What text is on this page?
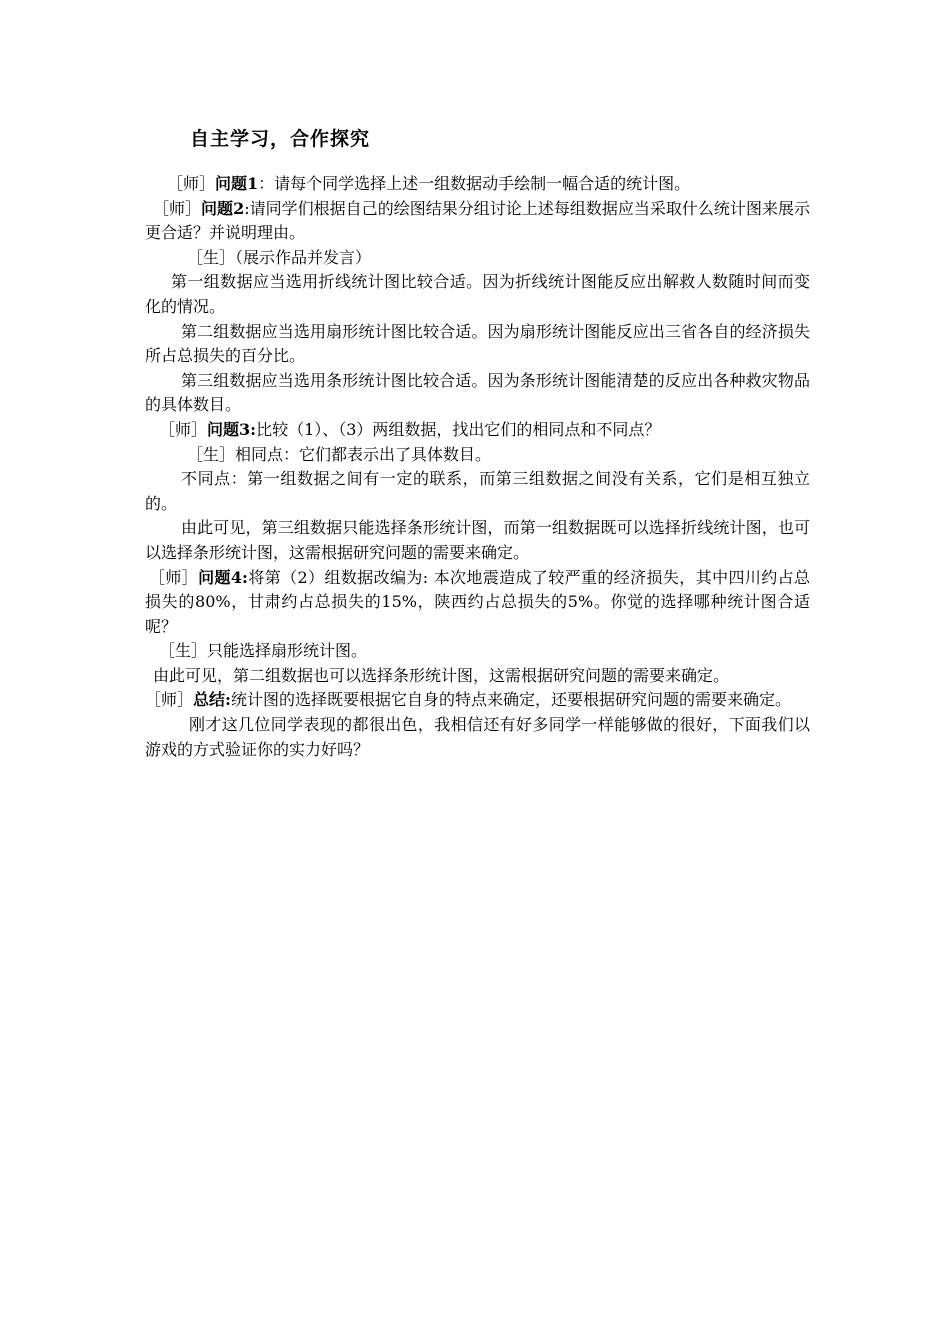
自主学习，合作探究

［师］问题1：请每个同学选择上述一组数据动手绘制一幅合适的统计图。

［师］问题2:请同学们根据自己的绘图结果分组讨论上述每组数据应当采取什么统计图来展示更合适？并说明理由。

［生］（展示作品并发言）

第一组数据应当选用折线统计图比较合适。因为折线统计图能反应出解救人数随时间而变化的情况。

第二组数据应当选用扇形统计图比较合适。因为扇形统计图能反应出三省各自的经济损失所占总损失的百分比。

第三组数据应当选用条形统计图比较合适。因为条形统计图能清楚的反应出各种救灾物品的具体数目。

［师］问题3:比较（1）、（3）两组数据，找出它们的相同点和不同点？

［生］相同点：它们都表示出了具体数目。

不同点：第一组数据之间有一定的联系，而第三组数据之间没有关系，它们是相互独立的。

由此可见，第三组数据只能选择条形统计图，而第一组数据既可以选择折线统计图，也可以选择条形统计图，这需根据研究问题的需要来确定。

［师］问题4:将第（2）组数据改编为: 本次地震造成了较严重的经济损失，其中四川约占总损失的80%，甘肃约占总损失的15%，陕西约占总损失的5%。你觉的选择哪种统计图合适呢？

［生］只能选择扇形统计图。

由此可见，第二组数据也可以选择条形统计图，这需根据研究问题的需要来确定。

［师］总结:统计图的选择既要根据它自身的特点来确定，还要根据研究问题的需要来确定。

刚才这几位同学表现的都很出色，我相信还有好多同学一样能够做的很好，下面我们以游戏的方式验证你的实力好吗？
